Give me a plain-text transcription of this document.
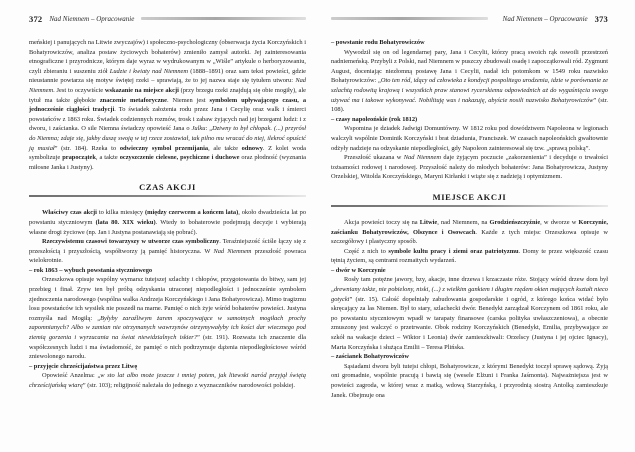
372 Nad Niemnem – Opracowanie

meńskiej i panujących na Litwie zwyczajów) i społeczno-psychologiczny (obserwacja życia Korczyńskich i Bohatyrowiczów, analiza postaw życiowych bohaterów) zmieniło zamysł autorki. Jej zainteresowania etnograficzne i przyrodnicze, którym daje wyraz w wydrukowanym w „Wiśle” artykule o herboryzowaniu, czyli zbieraniu i suszeniu ziół Ludzie i kwiaty nad Niemnem (1888–1891) oraz sam tekst powieści, gdzie nieustannie powtarza się motyw świętej rzeki – sprawiają, że to jej nazwa staje się tytułem utworu: Nad Niemnem. Jest to oczywiście wskazanie na miejsce akcji (przy brzegu rzeki znajdują się obie mogiły), ale tytuł ma także głębokie znaczenie metaforyczne. Niemen jest symbolem upływającego czasu, a jednocześnie ciągłości tradycji. To świadek założenia rodu przez Jana i Cecylię oraz walk i śmierci powstańców z 1863 roku. Świadek codziennych rozmów, trosk i zabaw żyjących nad jej brzegami ludzi: i z dworu, i zaścianka. O sile Niemna świadczy opowieść Jana o Julku: „Dziwny to był chłopak. (...) przyrósł do Niemna; zdaje się, jakby duszę swoją w tej rzece zostawiał, tak pilno mu wracać do niej, ilekroć opuścić ją musiał” (str. 184). Rzeka to odwieczny symbol przemijania, ale także odnowy. Z kolei woda symbolizuje prapoczątek, a także oczyszczenie cielesne, psychiczne i duchowe oraz płodność (wyznania miłosne Janka i Justyny).

CZAS AKCJI

Właściwy czas akcji to kilka miesięcy (między czerwcem a końcem lata), około dwadzieścia lat po powstaniu styczniowym (lata 80. XIX wieku). Wtedy to bohaterowie podejmują decyzje i wybierają własne drogi życiowe (np. Jan i Justyna postanawiają się pobrać).

Rzeczywistemu czasowi towarzyszy w utworze czas symboliczny. Teraźniejszość ściśle łączy się z przeszłością i przyszłością, współtworzy ją pamięć historyczna. W Nad Niemnem przeszłość powraca wielokrotnie.

– rok 1863 – wybuch powstania styczniowego

Orzeszkowa opisuje wspólny wymarsz tutejszej szlachty i chłopów, przygotowania do bitwy, sam jej przebieg i finał. Zryw ten był próbą odzyskania utraconej niepodległości i jednocześnie symbolem zjednoczenia narodowego (wspólna walka Andrzeja Korczyńskiego i Jana Bohatyrowicza). Mimo tragizmu losu powstańców ich wysiłek nie poszedł na marne. Pamięć o nich żyje wśród bohaterów powieści. Justyna rozmyśla nad Mogiłą: „Byłyby zaraźliwym żarem spoczywające w samotnych mogiłach prochy zapomnianych? Albo w zamian nie otrzymanych wawrzynów otrzymywałyby ich kości dar wiecznego pod ziemią gorzenia i wyrzucania na świat niewidzialnych iskier?” (str. 191). Rozważa ich znaczenie dla współczesnych ludzi i ma świadomość, że pamięć o nich podtrzymuje dążenia niepodległościowe wśród zniewolonego narodu.

– przyjęcie chrześcijaństwa przez Litwę

Opowieść Anzelma: „w sto lat albo może jeszcze i mniej potem, jak litewski naród przyjął świętą chrześcijańską wiarę” (str. 103); religijność należała do jednego z wyznaczników narodowości polskiej.

Nad Niemnem – Opracowanie 373

– powstanie rodu Bohatyrowiczów

Wywodził się on od legendarnej pary, Jana i Cecylii, którzy pracą swoich rąk oswoili przestrzeń nadniemeńską. Przybyli z Polski, nad Niemnem w puszczy zbudowali osadę i zapoczątkowali ród. Zygmunt August, doceniając niezłomną postawę Jana i Cecylii, nadał ich potomkom w 1549 roku nazwisko Bohatyrowiczów: „Oto ten ród, idący od człowieka z kondycji pospolitego urodzenia, idzie w porównanie ze szlachtą rodowitą krajową i wszystkich praw stanowi rycerskiemu odpowiednich aż do wygaśnięcia swego używać ma i takowe wykonywać. Nobilituję was i nakazuję, abyście nosili nazwisko Bohatyrowiczów” (str. 108).

– czasy napoleońskie (rok 1812)

Wspomina je dziadek Jadwigi Domuntówny. W 1812 roku pod dowództwem Napoleona w legionach walczyli wspólnie Dominik Korczyński i brat dziadunia, Franciszek. W czasach napoleońskich gwałtownie odżyły nadzieje na odzyskanie niepodległości, gdy Napoleon zainteresował się tzw. „sprawą polską”.

Przeszłość ukazana w Nad Niemnem daje żyjącym poczucie „zakorzenienia” i decyduje o trwałości tożsamości rodowej i narodowej. Przyszłość należy do młodych bohaterów: Jana Bohatyrowicza, Justyny Orzelskiej, Witolda Korczyńskiego, Maryni Kirłanki i wiąże się z nadzieją i optymizmem.

MIEJSCE AKCJI

Akcja powieści toczy się na Litwie, nad Niemnem, na Grodzieńszczyźnie, w dworze w Korczynie, zaścianku Bohatyrowiczów, Olszynce i Osowcach. Każde z tych miejsc Orzeszkowa opisuje w szczegółowy i plastyczny sposób.

Część z nich to symbole kultu pracy i ziemi oraz patriotyzmu. Domy te przez większość czasu tętnią życiem, są centrami rozmaitych wydarzeń.

– dwór w Korczynie

Rosły tam potężne jawory, bzy, akacje, inne drzewa i krzaczaste róże. Stojący wśród drzew dom był „drewniany także, nie pobielony, niski, (...) z wielkim gankiem i długim rzędem okien mających kształt nieco gotycki” (str. 15). Całość dopełniały zabudowania gospodarskie i ogród, z którego końca widać było skręcający za las Niemen. Był to stary, szlachecki dwór. Benedykt zarządzał Korczynem od 1861 roku, ale po powstaniu styczniowym wpadł w tarapaty finansowe (carska polityka uwłaszczeniowa), a obecnie zmuszony jest walczyć o przetrwanie. Obok rodziny Korczyńskich (Benedykt, Emilia, przybywające ze szkół na wakacje dzieci – Wiktor i Leonia) dwór zamieszkiwali: Orzelscy (Justyna i jej ojciec Ignacy), Marta Korczyńska i służąca Emilii – Teresa Plińska.

– zaścianek Bohatyrowiczów

Sąsiadami dworu byli tutejsi chłopi, Bohatyrowicze, z którymi Benedykt toczył sprawę sądową. Żyją oni gromadnie, wspólnie pracują i bawią się (wesele Elżuni i Franka Jaśmonta). Najważniejsza jest w powieści zagroda, w której wraz z matką, wdową Starzyńską, i przyrodnią siostrą Antolką zamieszkuje Janek. Obejmuje ona
